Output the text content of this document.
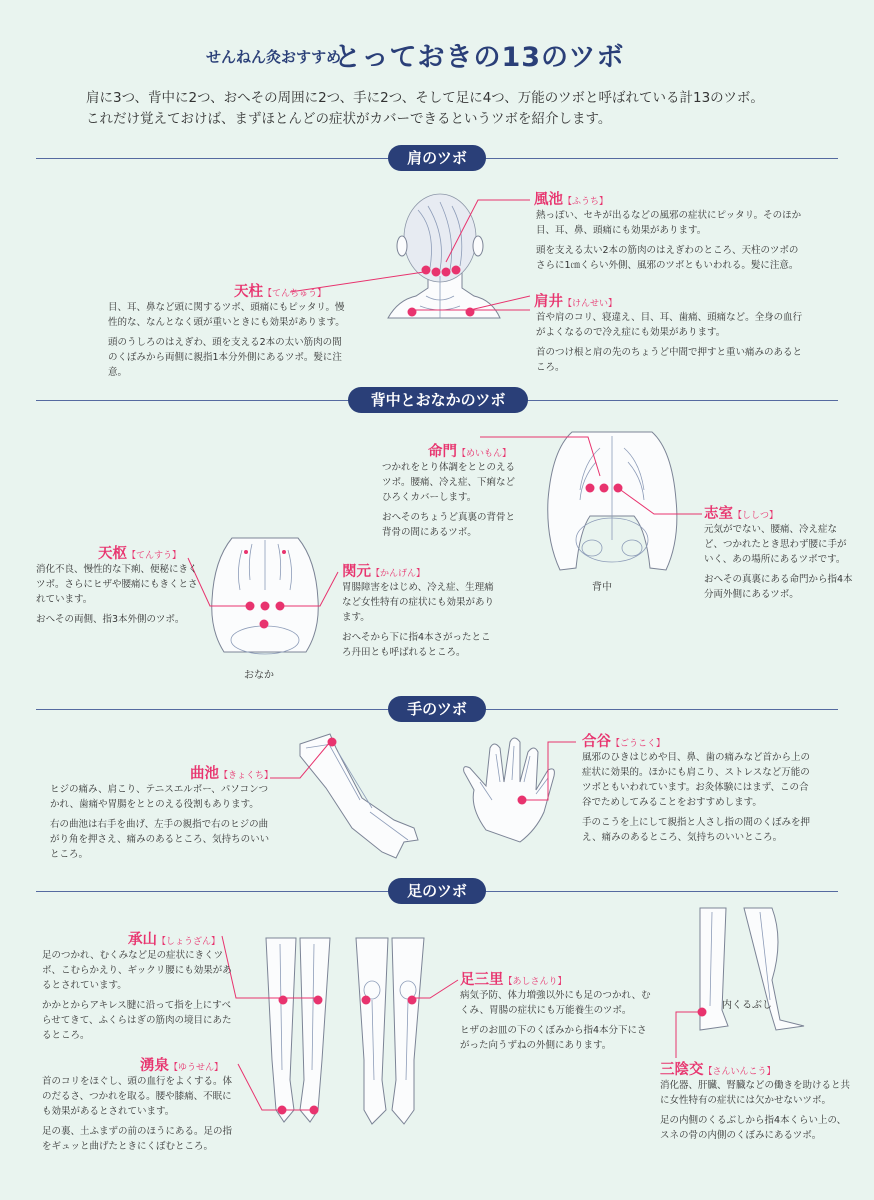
せんねん灸おすすめ
とっておきの13のツボ
肩に3つ、背中に2つ、おへその周囲に2つ、手に2つ、そして足に4つ、万能のツボと呼ばれている計13のツボ。
これだけ覚えておけば、まずほとんどの症状がカバーできるというツボを紹介します。
肩のツボ
背中とおなかのツボ
手のツボ
足のツボ
風池【ふうち】

熱っぽい、セキが出るなどの風邪の症状にピッタリ。そのほか目、耳、鼻、頭痛にも効果があります。

頭を支える太い2本の筋肉のはえぎわのところ、天柱のツボのさらに1㎝くらい外側、風邪のツボともいわれる。髪に注意。

天柱【てんちゅう】

目、耳、鼻など頭に関するツボ、頭痛にもピッタリ。慢性的な、なんとなく頭が重いときにも効果があります。

頭のうしろのはえぎわ、頭を支える2本の太い筋肉の間のくぼみから両側に親指1本分外側にあるツボ。髪に注意。

肩井【けんせい】

首や肩のコリ、寝違え、目、耳、歯痛、頭痛など。全身の血行がよくなるので冷え症にも効果があります。

首のつけ根と肩の先のちょうど中間で押すと重い痛みのあるところ。

命門【めいもん】

つかれをとり体調をととのえるツボ。腰痛、冷え症、下痢などひろくカバーします。

おへそのちょうど真裏の背骨と背骨の間にあるツボ。

志室【ししつ】

元気がでない、腰痛、冷え症など、つかれたとき思わず腰に手がいく、あの場所にあるツボです。

おへその真裏にある命門から指4本分両外側にあるツボ。

背中
天枢【てんすう】

消化不良、慢性的な下痢、便秘にきくツボ。さらにヒザや腰痛にもきくとされています。

おへその両側、指3本外側のツボ。

関元【かんげん】

胃腸障害をはじめ、冷え症、生理痛など女性特有の症状にも効果があります。

おへそから下に指4本さがったところ丹田とも呼ばれるところ。

おなか
曲池【きょくち】

ヒジの痛み、肩こり、テニスエルボー、パソコンつかれ、歯痛や胃腸をととのえる役割もあります。

右の曲池は右手を曲げ、左手の親指で右のヒジの曲がり角を押さえ、痛みのあるところ、気持ちのいいところ。

合谷【ごうこく】

風邪のひきはじめや目、鼻、歯の痛みなど首から上の症状に効果的。ほかにも肩こり、ストレスなど万能のツボともいわれています。お灸体験にはまず、この合谷でためしてみることをおすすめします。

手のこうを上にして親指と人さし指の間のくぼみを押え、痛みのあるところ、気持ちのいいところ。

承山【しょうざん】

足のつかれ、むくみなど足の症状にきくツボ、こむらかえり、ギックリ腰にも効果があるとされています。

かかとからアキレス腱に沿って指を上にすべらせてきて、ふくらはぎの筋肉の境目にあたるところ。

足三里【あしさんり】

病気予防、体力増強以外にも足のつかれ、むくみ、胃腸の症状にも万能養生のツボ。

ヒザのお皿の下のくぼみから指4本分下にさがった向うずねの外側にあります。

湧泉【ゆうせん】

首のコリをほぐし、頭の血行をよくする。体のだるさ、つかれを取る。腰や膝痛、不眠にも効果があるとされています。

足の裏、土ふまずの前のほうにある。足の指をギュッと曲げたときにくぼむところ。

内くるぶし
三陰交【さんいんこう】

消化器、肝臓、腎臓などの働きを助けると共に女性特有の症状には欠かせないツボ。

足の内側のくるぶしから指4本くらい上の、スネの骨の内側のくぼみにあるツボ。
